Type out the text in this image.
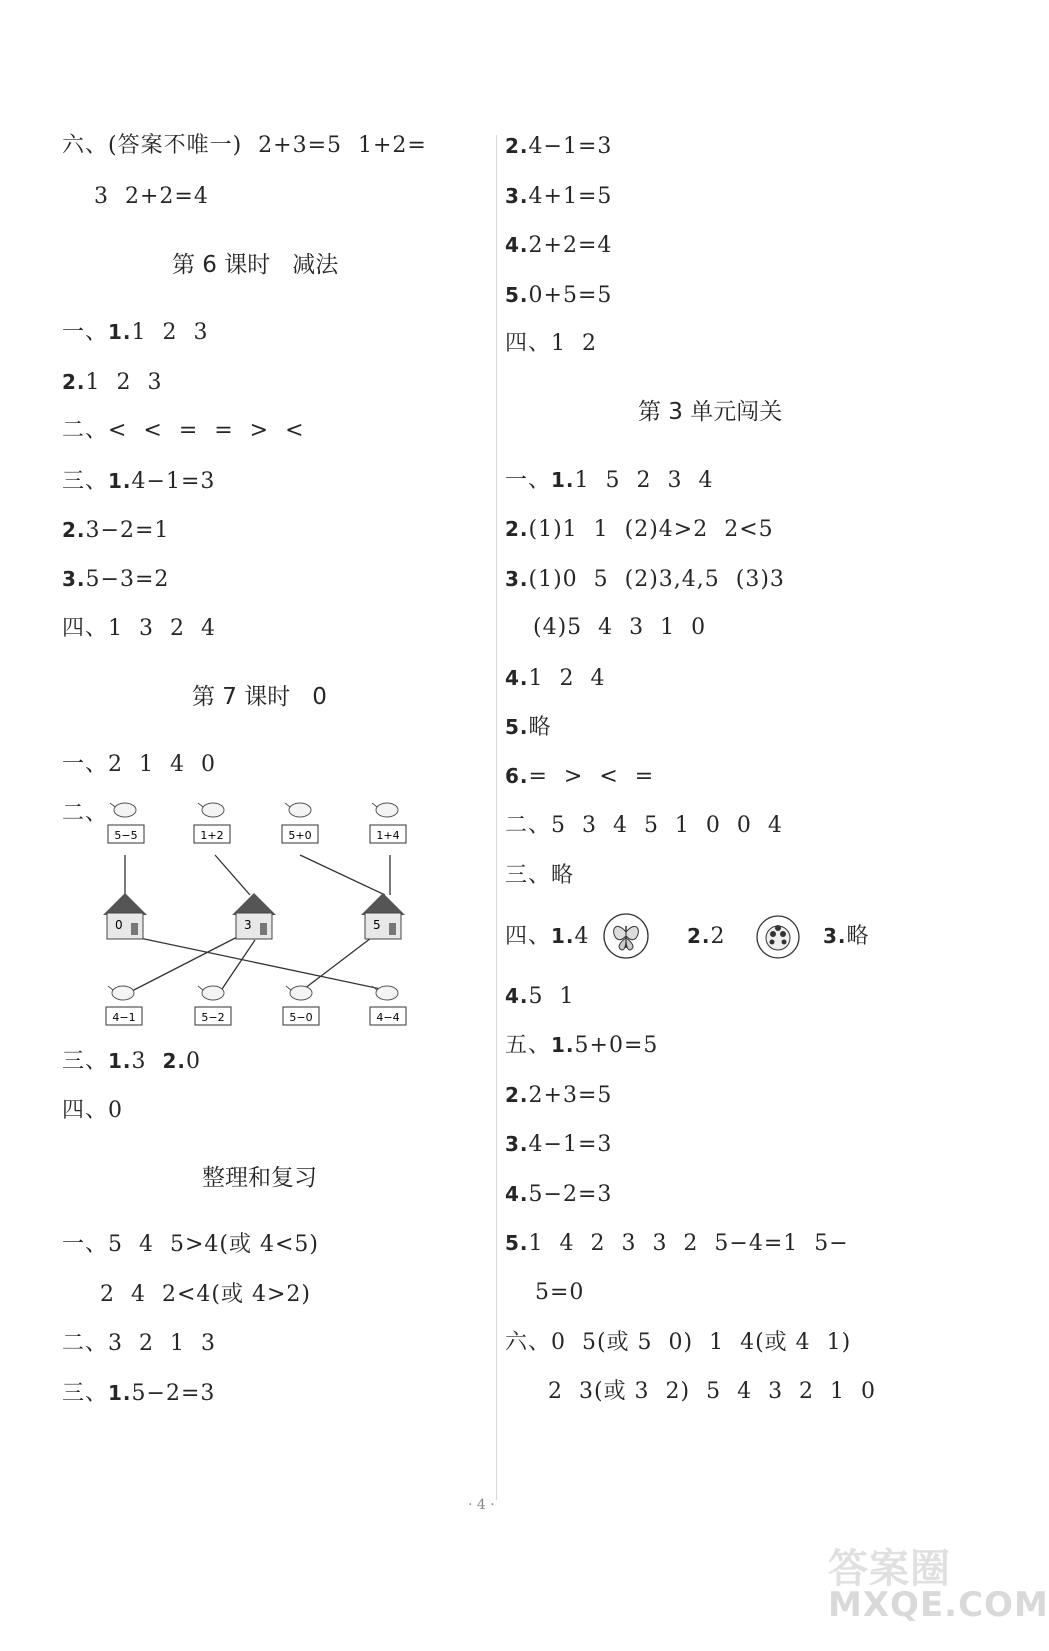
六、(答案不唯一)  2+3=5  1+2=
3  2+2=4
第 6 课时   减法
一、1.1  2  3
2.1  2  3
二、<  <  =  =  >  <
三、1.4−1=3
2.3−2=1
3.5−3=2
四、1  3  2  4
第 7 课时   0
一、2  1  4  0
二、
5−5	1+2	5+0	1+4
0	3	5
4−1	5−2	5−0	4−4
三、1.3  2.0
四、0
整理和复习
一、5  4  5>4(或 4<5)
2  4  2<4(或 4>2)
二、3  2  1  3
三、1.5−2=3
2.4−1=3
3.4+1=5
4.2+2=4
5.0+5=5
四、1  2
第 3 单元闯关
一、1.1  5  2  3  4
2.(1)1  1  (2)4>2  2<5
3.(1)0  5  (2)3,4,5  (3)3
(4)5  4  3  1  0
4.1  2  4
5.略
6.=  >  <  =
二、5  3  4  5  1  0  0  4
三、略
四、1.4	2.2	3.略
4.5  1
五、1.5+0=5
2.2+3=5
3.4−1=3
4.5−2=3
5.1  4  2  3  3  2  5−4=1  5−
5=0
六、0  5(或 5  0)  1  4(或 4  1)
2  3(或 3  2)  5  4  3  2  1  0
· 4 ·
答案圈
MXQE.COM
